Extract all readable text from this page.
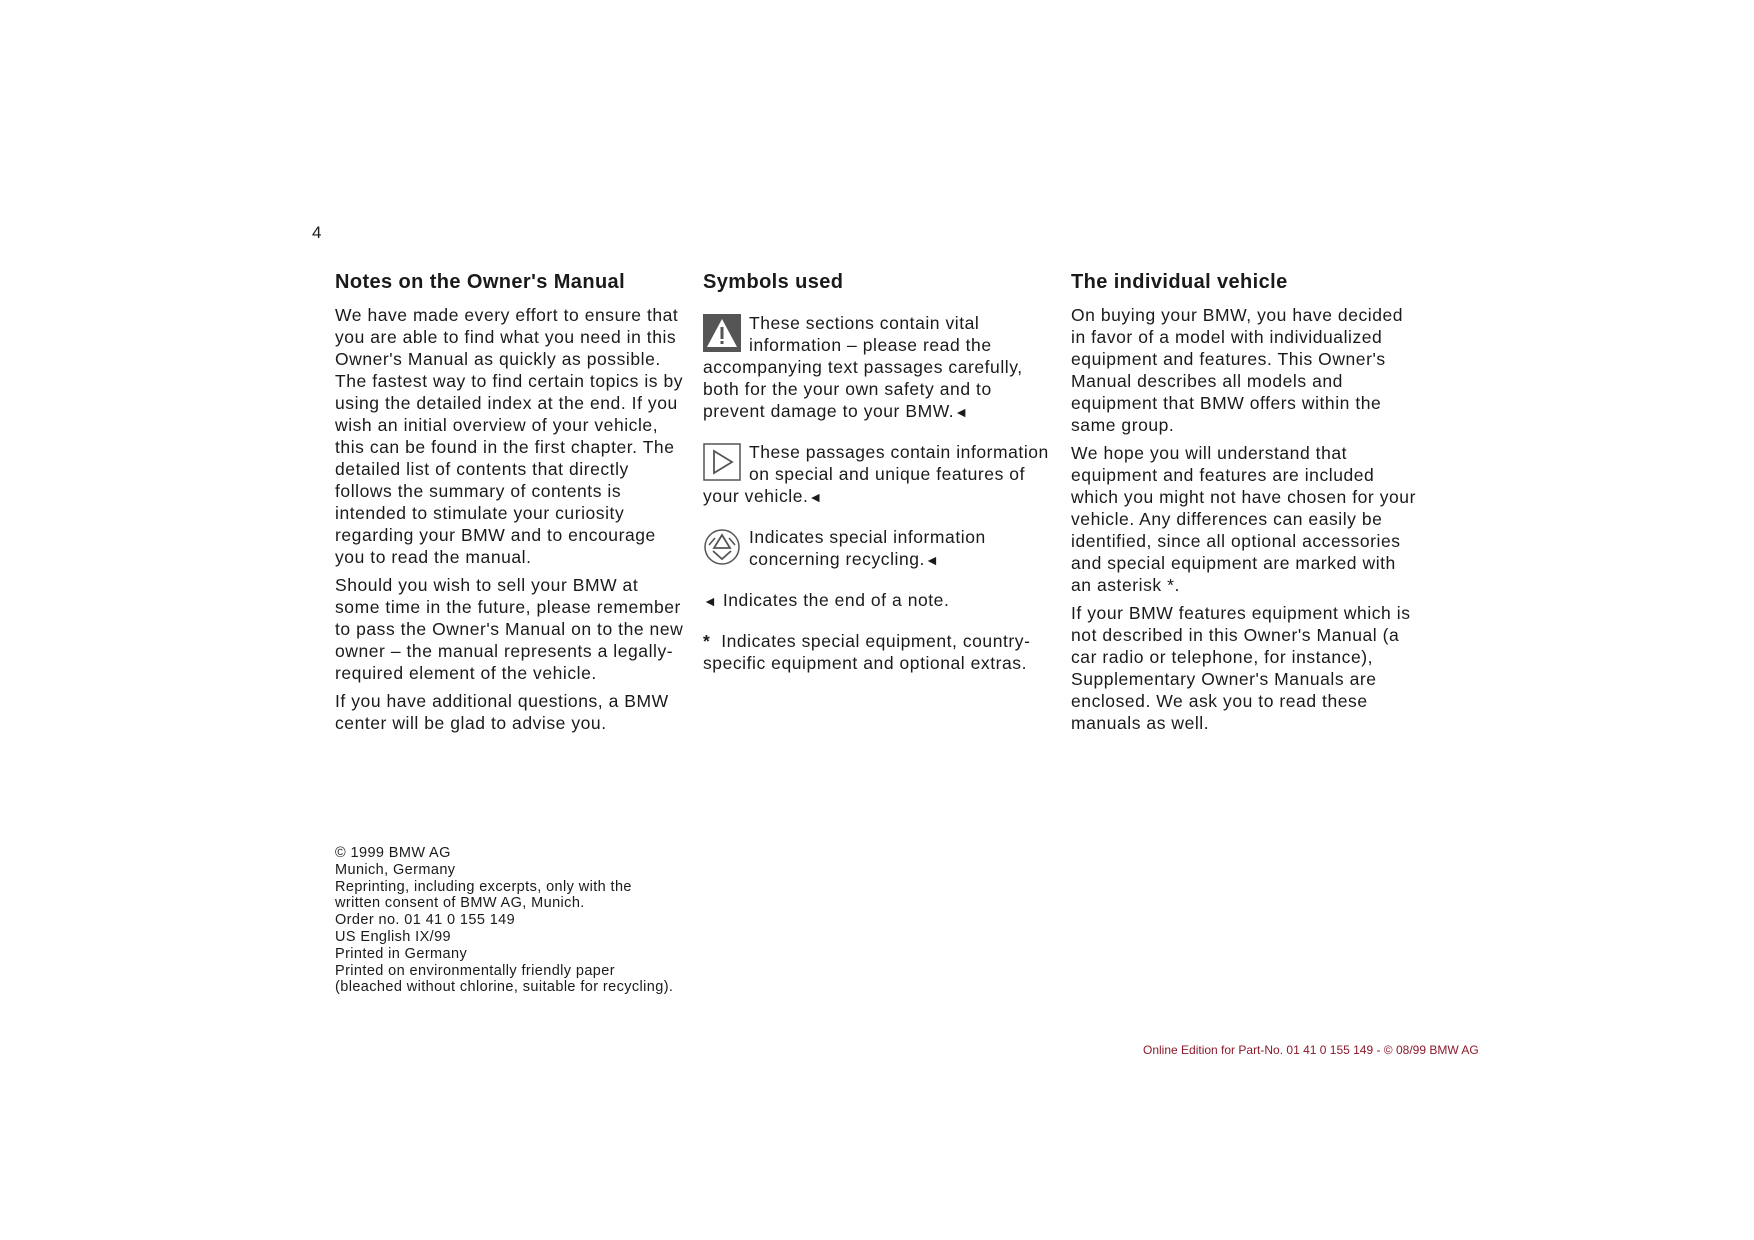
4
Notes on the Owner's Manual

We have made every effort to ensure that you are able to find what you need in this Owner's Manual as quickly as possible. The fastest way to find certain topics is by using the detailed index at the end. If you wish an initial overview of your vehicle, this can be found in the first chapter. The detailed list of contents that directly follows the summary of contents is intended to stimulate your curiosity regarding your BMW and to encourage you to read the manual.

Should you wish to sell your BMW at some time in the future, please remember to pass the Owner's Manual on to the new owner – the manual represents a legally-required element of the vehicle.

If you have additional questions, a BMW center will be glad to advise you.

Symbols used

These sections contain vital information – please read the accompanying text passages carefully, both for the your own safety and to prevent damage to your BMW.◄

These passages contain information on special and unique features of your vehicle.◄

Indicates special information concerning recycling.◄

◄ Indicates the end of a note.

* Indicates special equipment, country-specific equipment and optional extras.

The individual vehicle

On buying your BMW, you have decided in favor of a model with individualized equipment and features. This Owner's Manual describes all models and equipment that BMW offers within the same group.

We hope you will understand that equipment and features are included which you might not have chosen for your vehicle. Any differences can easily be identified, since all optional accessories and special equipment are marked with an asterisk *.

If your BMW features equipment which is not described in this Owner's Manual (a car radio or telephone, for instance), Supplementary Owner's Manuals are enclosed. We ask you to read these manuals as well.

© 1999 BMW AG
Munich, Germany
Reprinting, including excerpts, only with the
written consent of BMW AG, Munich.
Order no. 01 41 0 155 149
US English IX/99
Printed in Germany
Printed on environmentally friendly paper
(bleached without chlorine, suitable for recycling).
Online Edition for Part-No. 01 41 0 155 149 - © 08/99 BMW AG
